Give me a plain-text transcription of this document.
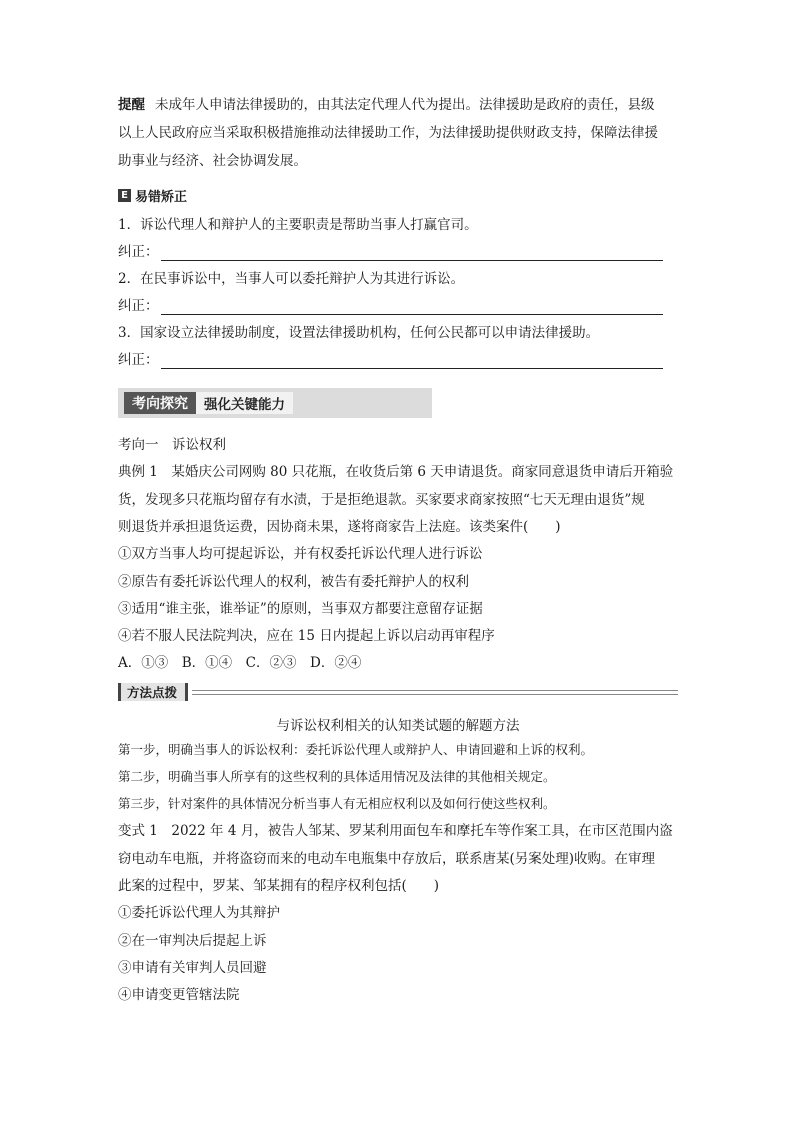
提醒 未成年人申请法律援助的，由其法定代理人代为提出。法律援助是政府的责任，县级
以上人民政府应当采取积极措施推动法律援助工作，为法律援助提供财政支持，保障法律援
助事业与经济、社会协调发展。
E 易错矫正
1．诉讼代理人和辩护人的主要职责是帮助当事人打赢官司。
纠正：
2．在民事诉讼中，当事人可以委托辩护人为其进行诉讼。
纠正：
3．国家设立法律援助制度，设置法律援助机构，任何公民都可以申请法律援助。
纠正：
考向探究	强化关键能力
考向一　诉讼权利
典例 1　某婚庆公司网购 80 只花瓶，在收货后第 6 天申请退货。商家同意退货申请后开箱验
货，发现多只花瓶均留存有水渍，于是拒绝退款。买家要求商家按照“七天无理由退货”规
则退货并承担退货运费，因协商未果，遂将商家告上法庭。该类案件(　　)
①双方当事人均可提起诉讼，并有权委托诉讼代理人进行诉讼
②原告有委托诉讼代理人的权利，被告有委托辩护人的权利
③适用“谁主张，谁举证”的原则，当事双方都要注意留存证据
④若不服人民法院判决，应在 15 日内提起上诉以启动再审程序
A．①③　B．①④　C．②③　D．②④
方法点拨
与诉讼权利相关的认知类试题的解题方法
第一步，明确当事人的诉讼权利：委托诉讼代理人或辩护人、申请回避和上诉的权利。
第二步，明确当事人所享有的这些权利的具体适用情况及法律的其他相关规定。
第三步，针对案件的具体情况分析当事人有无相应权利以及如何行使这些权利。
变式 1　2022 年 4 月，被告人邹某、罗某利用面包车和摩托车等作案工具，在市区范围内盗
窃电动车电瓶，并将盗窃而来的电动车电瓶集中存放后，联系唐某(另案处理)收购。在审理
此案的过程中，罗某、邹某拥有的程序权利包括(　　)
①委托诉讼代理人为其辩护
②在一审判决后提起上诉
③申请有关审判人员回避
④申请变更管辖法院
